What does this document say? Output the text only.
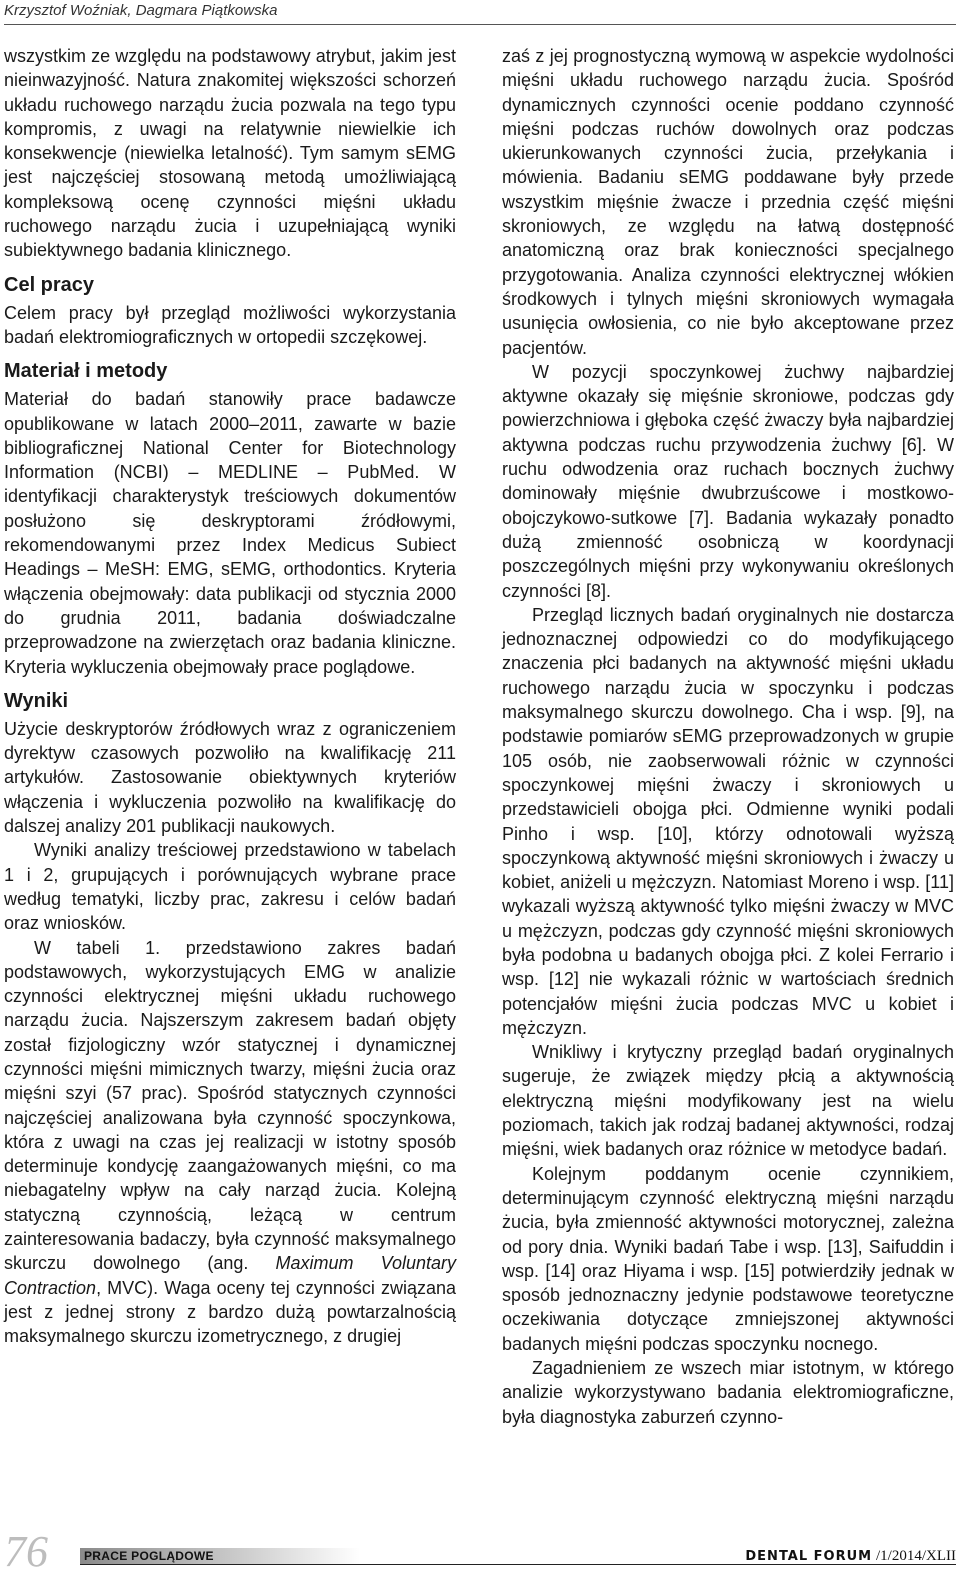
Krzysztof Woźniak, Dagmara Piątkowska

wszystkim ze względu na podstawowy atrybut, jakim jest nieinwazyjność. Natura znakomitej większości schorzeń układu ruchowego narządu żucia pozwala na tego typu kompromis, z uwagi na relatywnie niewielkie ich konsekwencje (niewielka letalność). Tym samym sEMG jest najczęściej stosowaną metodą umożliwiającą kompleksową ocenę czynności mięśni układu ruchowego narządu żucia i uzupełniającą wyniki subiektywnego badania klinicznego.

Cel pracy

Celem pracy był przegląd możliwości wykorzystania badań elektromiograficznych w ortopedii szczękowej.

Materiał i metody

Materiał do badań stanowiły prace badawcze opublikowane w latach 2000–2011, zawarte w bazie bibliograficznej National Center for Biotechnology Information (NCBI) – MEDLINE – PubMed. W identyfikacji charakterystyk treściowych dokumentów posłużono się deskryptorami źródłowymi, rekomendowanymi przez Index Medicus Subiect Headings – MeSH: EMG, sEMG, orthodontics. Kryteria włączenia obejmowały: data publikacji od stycznia 2000 do grudnia 2011, badania doświadczalne przeprowadzone na zwierzętach oraz badania kliniczne. Kryteria wykluczenia obejmowały prace poglądowe.

Wyniki

Użycie deskryptorów źródłowych wraz z ograniczeniem dyrektyw czasowych pozwoliło na kwalifikację 211 artykułów. Zastosowanie obiektywnych kryteriów włączenia i wykluczenia pozwoliło na kwalifikację do dalszej analizy 201 publikacji naukowych.

Wyniki analizy treściowej przedstawiono w tabelach 1 i 2, grupujących i porównujących wybrane prace według tematyki, liczby prac, zakresu i celów badań oraz wniosków.

W tabeli 1. przedstawiono zakres badań podstawowych, wykorzystujących EMG w analizie czynności elektrycznej mięśni układu ruchowego narządu żucia. Najszerszym zakresem badań objęty został fizjologiczny wzór statycznej i dynamicznej czynności mięśni mimicznych twarzy, mięśni żucia oraz mięśni szyi (57 prac). Spośród statycznych czynności najczęściej analizowana była czynność spoczynkowa, która z uwagi na czas jej realizacji w istotny sposób determinuje kondycję zaangażowanych mięśni, co ma niebagatelny wpływ na cały narząd żucia. Kolejną statyczną czynnością, leżącą w centrum zainteresowania badaczy, była czynność maksymalnego skurczu dowolnego (ang. Maximum Voluntary Contraction, MVC). Waga oceny tej czynności związana jest z jednej strony z bardzo dużą powtarzalnością maksymalnego skurczu izometrycznego, z drugiej

zaś z jej prognostyczną wymową w aspekcie wydolności mięśni układu ruchowego narządu żucia. Spośród dynamicznych czynności ocenie poddano czynność mięśni podczas ruchów dowolnych oraz podczas ukierunkowanych czynności żucia, przełykania i mówienia. Badaniu sEMG poddawane były przede wszystkim mięśnie żwacze i przednia część mięśni skroniowych, ze względu na łatwą dostępność anatomiczną oraz brak konieczności specjalnego przygotowania. Analiza czynności elektrycznej włókien środkowych i tylnych mięśni skroniowych wymagała usunięcia owłosienia, co nie było akceptowane przez pacjentów.

W pozycji spoczynkowej żuchwy najbardziej aktywne okazały się mięśnie skroniowe, podczas gdy powierzchniowa i głęboka część żwaczy była najbardziej aktywna podczas ruchu przywodzenia żuchwy [6]. W ruchu odwodzenia oraz ruchach bocznych żuchwy dominowały mięśnie dwubrzuścowe i mostkowo-obojczykowo-sutkowe [7]. Badania wykazały ponadto dużą zmienność osobniczą w koordynacji poszczególnych mięśni przy wykonywaniu określonych czynności [8].

Przegląd licznych badań oryginalnych nie dostarcza jednoznacznej odpowiedzi co do modyfikującego znaczenia płci badanych na aktywność mięśni układu ruchowego narządu żucia w spoczynku i podczas maksymalnego skurczu dowolnego. Cha i wsp. [9], na podstawie pomiarów sEMG przeprowadzonych w grupie 105 osób, nie zaobserwowali różnic w czynności spoczynkowej mięśni żwaczy i skroniowych u przedstawicieli obojga płci. Odmienne wyniki podali Pinho i wsp. [10], którzy odnotowali wyższą spoczynkową aktywność mięśni skroniowych i żwaczy u kobiet, aniżeli u mężczyzn. Natomiast Moreno i wsp. [11] wykazali wyższą aktywność tylko mięśni żwaczy w MVC u mężczyzn, podczas gdy czynność mięśni skroniowych była podobna u badanych obojga płci. Z kolei Ferrario i wsp. [12] nie wykazali różnic w wartościach średnich potencjałów mięśni żucia podczas MVC u kobiet i mężczyzn.

Wnikliwy i krytyczny przegląd badań oryginalnych sugeruje, że związek między płcią a aktywnością elektryczną mięśni modyfikowany jest na wielu poziomach, takich jak rodzaj badanej aktywności, rodzaj mięśni, wiek badanych oraz różnice w metodyce badań.

Kolejnym poddanym ocenie czynnikiem, determinującym czynność elektryczną mięśni narządu żucia, była zmienność aktywności motorycznej, zależna od pory dnia. Wyniki badań Tabe i wsp. [13], Saifuddin i wsp. [14] oraz Hiyama i wsp. [15] potwierdziły jednak w sposób jednoznaczny jedynie podstawowe teoretyczne oczekiwania dotyczące zmniejszonej aktywności badanych mięśni podczas spoczynku nocnego.

Zagadnieniem ze wszech miar istotnym, w którego analizie wykorzystywano badania elektromiograficzne, była diagnostyka zaburzeń czynno-

76	PRACE POGLĄDOWE	DENTAL FORUM /1/2014/XLII
